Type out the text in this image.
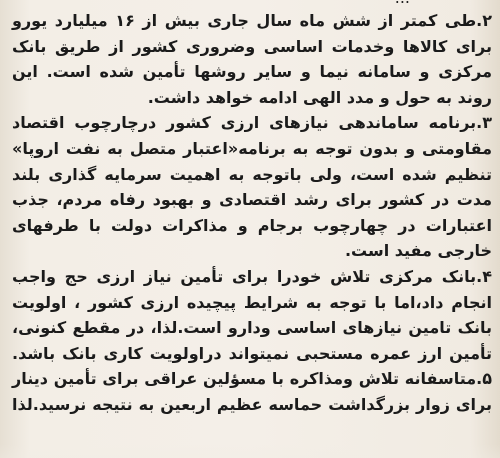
۲.طی کمتر از شش ماه سال جاری بیش از ۱۶ میلیارد یورو
برای کالاها وخدمات اساسی وضروری کشور از طریق بانک
مرکزی و سامانه نیما و سایر روشها تأمین شده است. این
روند به حول و مدد الهی ادامه خواهد داشت.
۳.برنامه ساماندهی نیازهای ارزی کشور درچارچوب اقتصاد
مقاومتی و بدون توجه به برنامه«اعتبار متصل به نفت اروپا»
تنظیم شده است، ولی باتوجه به اهمیت سرمایه گذاری بلند
مدت در کشور برای رشد اقتصادی و بهبود رفاه مردم، جذب
اعتبارات در چهارچوب برجام و مذاکرات دولت با طرفهای
خارجی مفید است.
۴.بانک مرکزی تلاش خودرا برای تأمین نیاز ارزی حج واجب
انجام داد،اما با توجه به شرایط پیچیده ارزی کشور ، اولویت
بانک تامین نیازهای اساسی ودارو است.لذا، در مقطع کنونی،
تأمین ارز عمره مستحبی نمیتواند دراولویت کاری بانک باشد.
۵.متاسفانه تلاش ومذاکره با مسؤلین عراقی برای تأمین دینار
برای زوار بزرگداشت حماسه عظیم اربعین به نتیجه نرسید.لذا
